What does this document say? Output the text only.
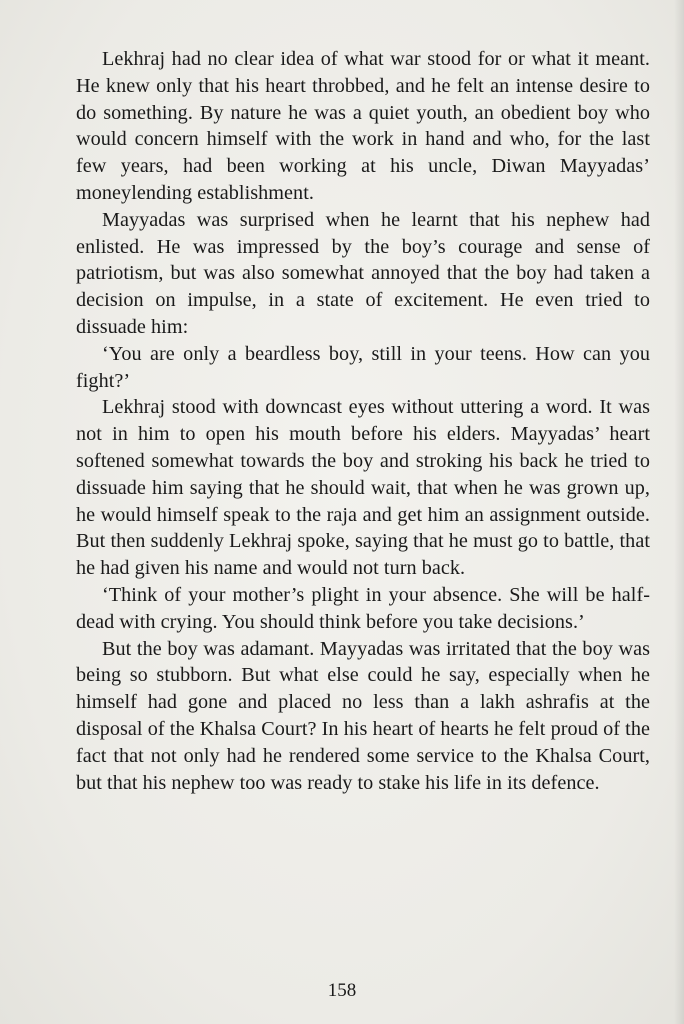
Lekhraj had no clear idea of what war stood for or what it meant. He knew only that his heart throbbed, and he felt an intense desire to do something. By nature he was a quiet youth, an obedient boy who would concern himself with the work in hand and who, for the last few years, had been working at his uncle, Diwan Mayyadas’ moneylending establishment.

Mayyadas was surprised when he learnt that his nephew had enlisted. He was impressed by the boy’s courage and sense of patriotism, but was also somewhat annoyed that the boy had taken a decision on impulse, in a state of excitement. He even tried to dissuade him:

‘You are only a beardless boy, still in your teens. How can you fight?’

Lekhraj stood with downcast eyes without uttering a word. It was not in him to open his mouth before his elders. Mayyadas’ heart softened somewhat towards the boy and stroking his back he tried to dissuade him saying that he should wait, that when he was grown up, he would himself speak to the raja and get him an assignment outside. But then suddenly Lekhraj spoke, saying that he must go to battle, that he had given his name and would not turn back.

‘Think of your mother’s plight in your absence. She will be half-dead with crying. You should think before you take decisions.’

But the boy was adamant. Mayyadas was irritated that the boy was being so stubborn. But what else could he say, especially when he himself had gone and placed no less than a lakh ashrafis at the disposal of the Khalsa Court? In his heart of hearts he felt proud of the fact that not only had he rendered some service to the Khalsa Court, but that his nephew too was ready to stake his life in its defence.

158
